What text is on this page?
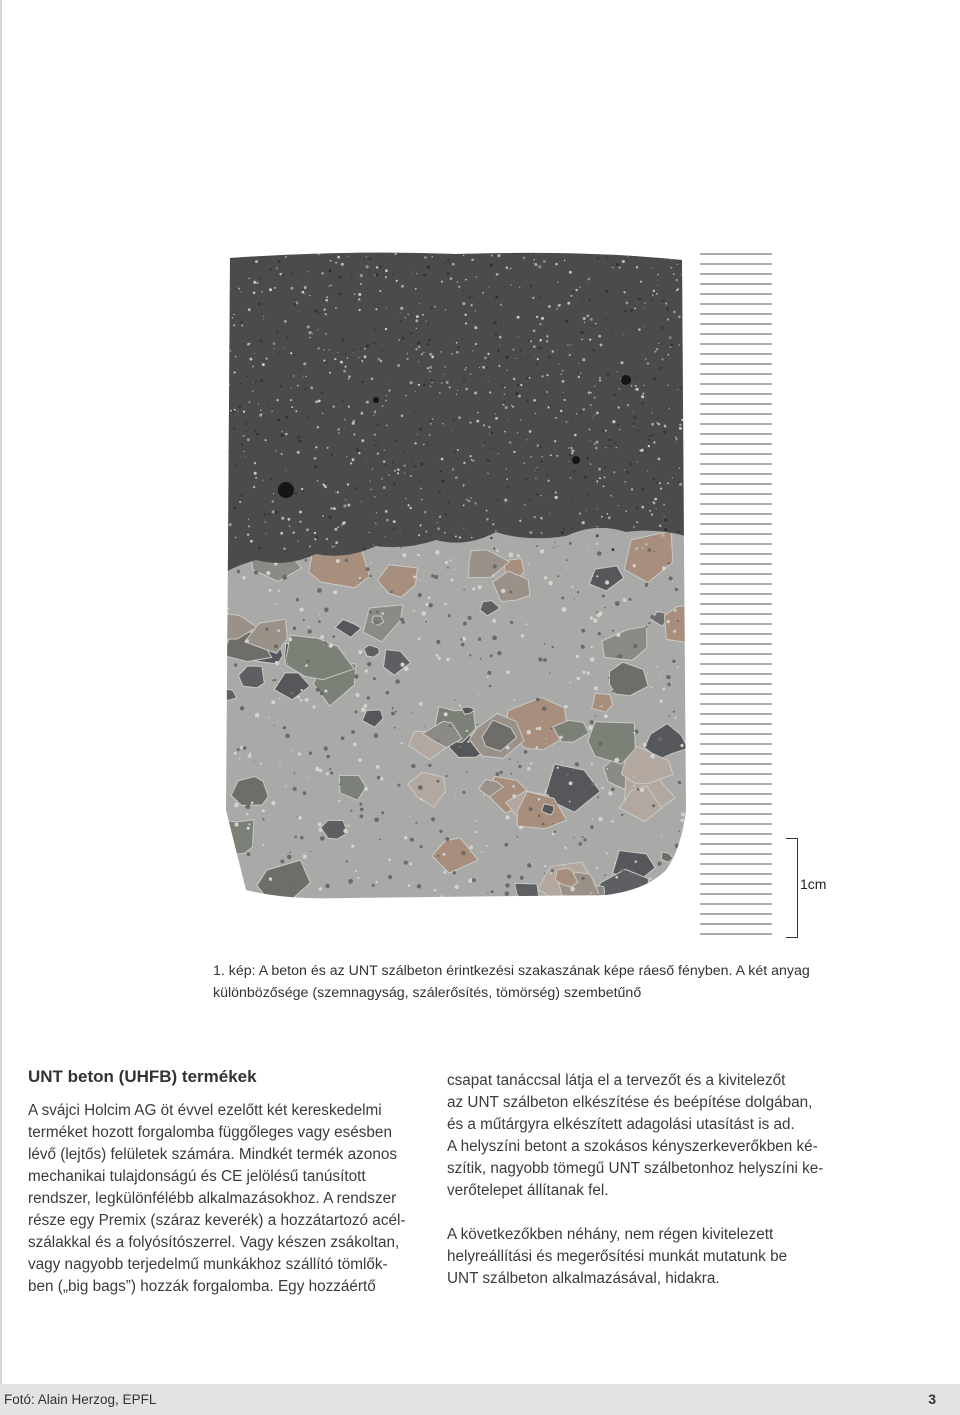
1cm
1. kép: A beton és az UNT szálbeton érintkezési szakaszának képe ráeső fényben. A két anyag
különbözősége (szemnagyság, szálerősítés, tömörség) szembetűnő
UNT beton (UHFB) termékek

A svájci Holcim AG öt évvel ezelőtt két kereskedelmi
terméket hozott forgalomba függőleges vagy esésben
lévő (lejtős) felületek számára. Mindkét termék azonos
mechanikai tulajdonságú és CE jelölésű tanúsított
rendszer, legkülönfélébb alkalmazásokhoz. A rendszer
része egy Premix (száraz keverék) a hozzátartozó acél-
szálakkal és a folyósítószerrel. Vagy készen zsákoltan,
vagy nagyobb terjedelmű munkákhoz szállító tömlők-
ben („big bags”) hozzák forgalomba. Egy hozzáértő

csapat tanáccsal látja el a tervezőt és a kivitelezőt
az UNT szálbeton elkészítése és beépítése dolgában,
és a műtárgyra elkészített adagolási utasítást is ad.
A helyszíni betont a szokásos kényszerkeverőkben ké-
szítik, nagyobb tömegű UNT szálbetonhoz helyszíni ke-
verőtelepet állítanak fel.

A következőkben néhány, nem régen kivitelezett
helyreállítási és megerősítési munkát mutatunk be
UNT szálbeton alkalmazásával, hidakra.

Fotó: Alain Herzog, EPFL	3
